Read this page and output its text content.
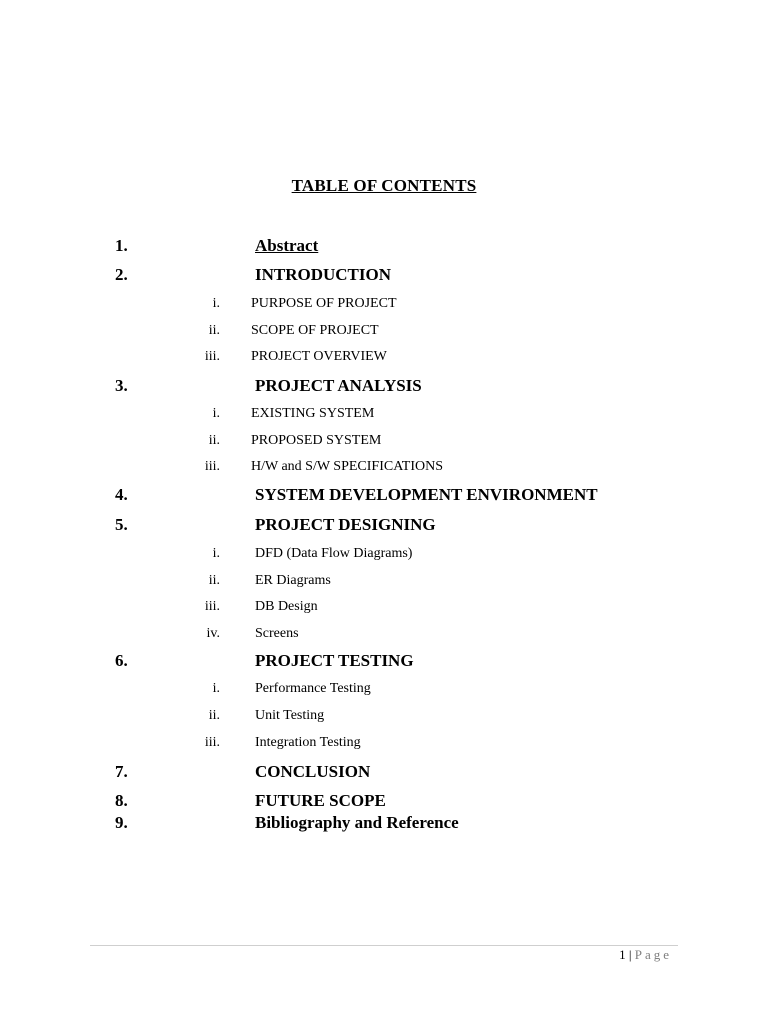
TABLE OF CONTENTS
1.	Abstract
2.	INTRODUCTION
i. PURPOSE OF PROJECT
ii. SCOPE OF PROJECT
iii. PROJECT OVERVIEW
3.	PROJECT ANALYSIS
i. EXISTING SYSTEM
ii. PROPOSED SYSTEM
iii. H/W and S/W SPECIFICATIONS
4.	SYSTEM DEVELOPMENT ENVIRONMENT
5.	PROJECT DESIGNING
i.	DFD (Data Flow Diagrams)
ii.	ER Diagrams
iii.	DB Design
iv.	Screens
6.	PROJECT TESTING
i.	Performance Testing
ii.	Unit Testing
iii.	Integration Testing
7.	CONCLUSION
8.	FUTURE SCOPE
9.	Bibliography and Reference
1 | Page
